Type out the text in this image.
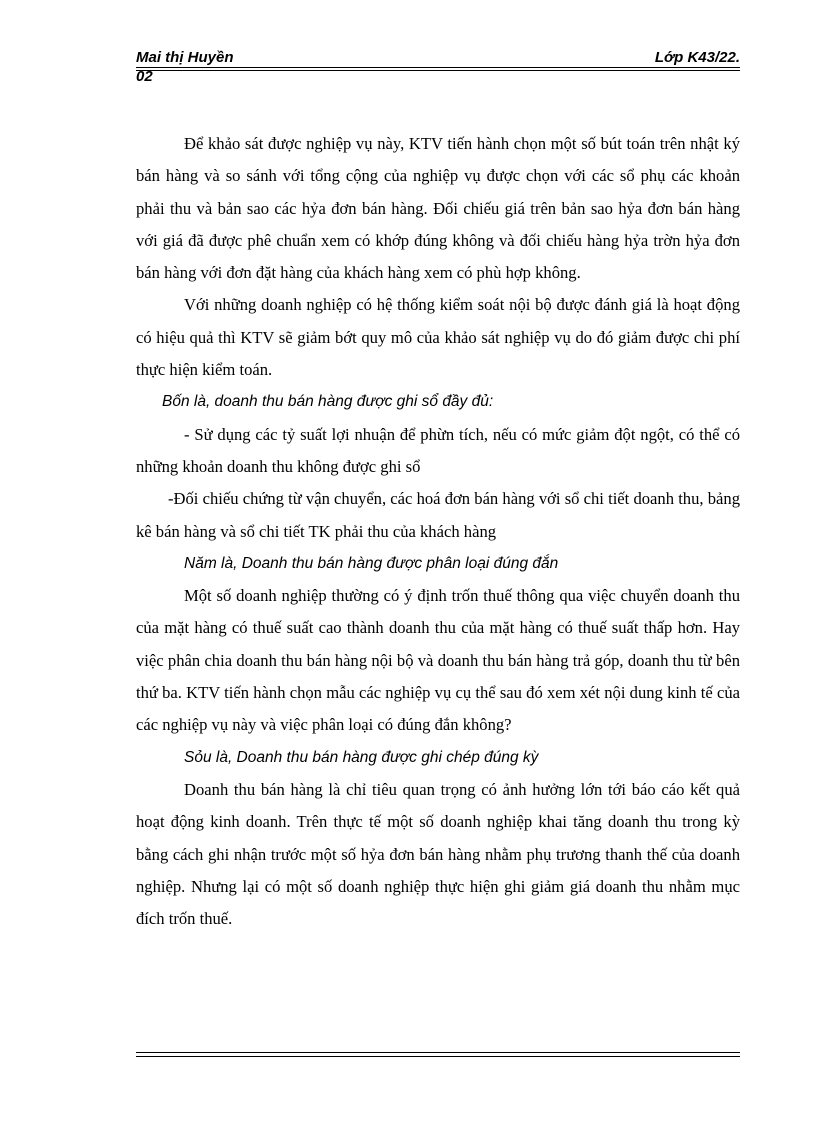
Mai thị Huyền
02
Lớp K43/22.

Để khảo sát được nghiệp vụ này, KTV tiến hành chọn một số bút toán trên nhật ký bán hàng và so sánh với tổng cộng của nghiệp vụ được chọn với các sổ phụ các khoản phải thu và bản sao các hỷa đơn bán hàng. Đối chiếu giá trên bản sao hỷa đơn bán hàng với giá đã được phê chuẩn xem có khớp đúng không và đối chiếu hàng hỷa trờn hỷa đơn bán hàng với đơn đặt hàng của khách hàng xem có phù hợp không.

Với những doanh nghiệp có hệ thống kiểm soát nội bộ được đánh giá là hoạt động có hiệu quả thì KTV sẽ giảm bớt quy mô của khảo sát nghiệp vụ do đó giảm được chi phí thực hiện kiểm toán.

Bốn là, doanh thu bán hàng được ghi sổ đầy đủ:

- Sử dụng các tỷ suất lợi nhuận để phừn tích, nếu có mức giảm đột ngột, có thể có những khoản doanh thu không được ghi sổ

-Đối chiếu chứng từ vận chuyển, các hoá đơn bán hàng với sổ chi tiết doanh thu, bảng kê bán hàng và sổ chi tiết TK phải thu của khách hàng

Năm là, Doanh thu bán hàng được phân loại đúng đắn

Một số doanh nghiệp thường có ý định trốn thuế thông qua việc chuyển doanh thu của mặt hàng có thuế suất cao thành doanh thu của mặt hàng có thuế suất thấp hơn. Hay việc phân chia doanh thu bán hàng nội bộ và doanh thu bán hàng trả góp, doanh thu từ bên thứ ba. KTV tiến hành chọn mẫu các nghiệp vụ cụ thể sau đó xem xét nội dung kinh tế của các nghiệp vụ này và việc phân loại có đúng đắn không?

Sỏu là, Doanh thu bán hàng được ghi chép đúng kỳ

Doanh thu bán hàng là chỉ tiêu quan trọng có ảnh hưởng lớn tới báo cáo kết quả hoạt động kinh doanh. Trên thực tế một số doanh nghiệp khai tăng doanh thu trong kỳ bằng cách ghi nhận trước một số hỷa đơn bán hàng nhằm phụ trương thanh thế của doanh nghiệp. Nhưng lại có một số doanh nghiệp thực hiện ghi giảm giá doanh thu nhằm mục đích trốn thuế.
